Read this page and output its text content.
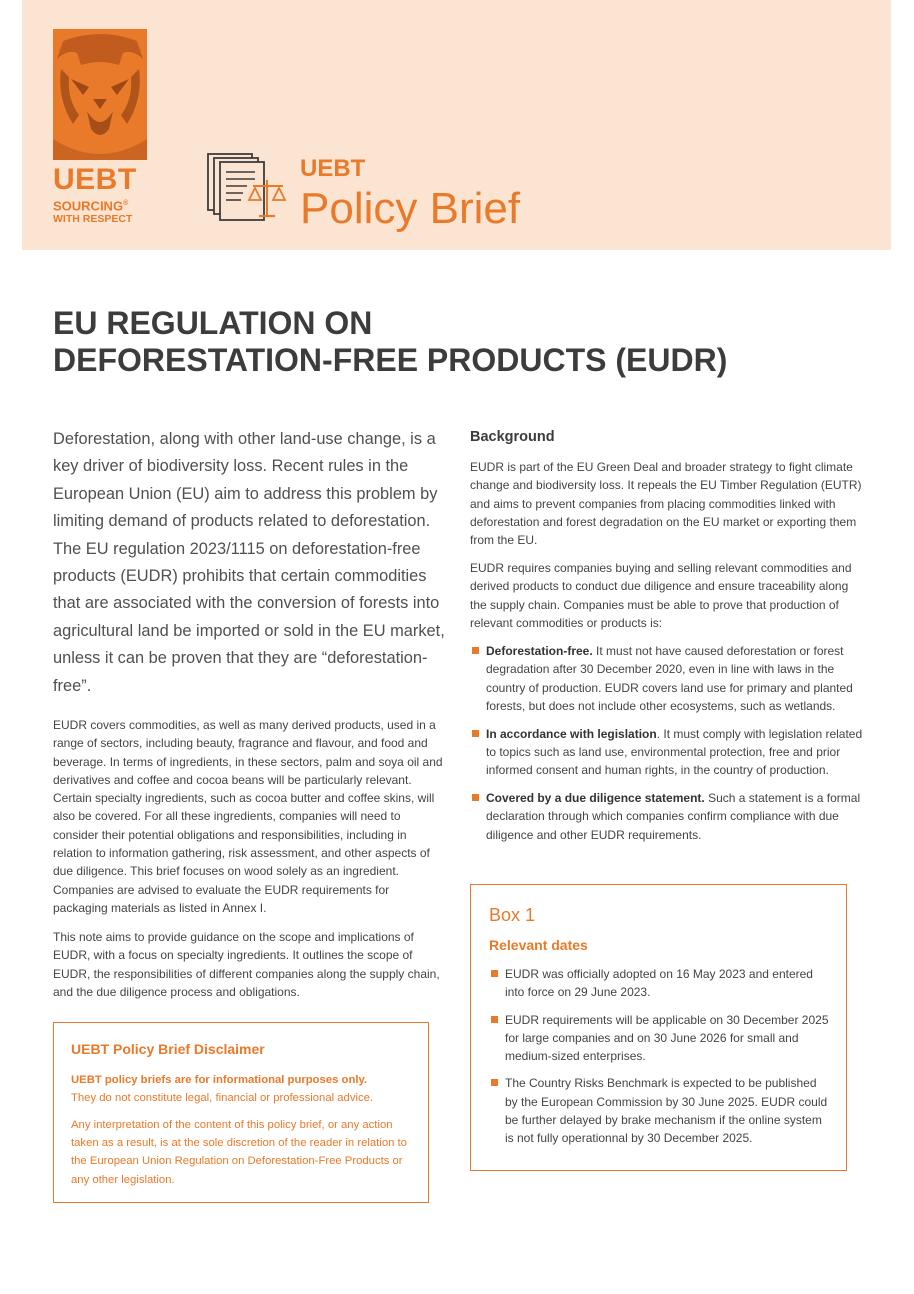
UEBT
SOURCING®
WITH RESPECT
UEBT
Policy Brief
EU REGULATION ON
DEFORESTATION-FREE PRODUCTS (EUDR)

Deforestation, along with other land-use change, is a key driver of biodiversity loss. Recent rules in the European Union (EU) aim to address this problem by limiting demand of products related to deforestation.

The EU regulation 2023/1115 on deforestation-free products (EUDR) prohibits that certain commodities that are associated with the conversion of forests into agricultural land be imported or sold in the EU market, unless it can be proven that they are “deforestation-free”.

EUDR covers commodities, as well as many derived products, used in a range of sectors, including beauty, fragrance and flavour, and food and beverage. In terms of ingredients, in these sectors, palm and soya oil and derivatives and coffee and cocoa beans will be particularly relevant. Certain specialty ingredients, such as cocoa butter and coffee skins, will also be covered. For all these ingredients, companies will need to consider their potential obligations and responsibilities, including in relation to information gathering, risk assessment, and other aspects of due diligence. This brief focuses on wood solely as an ingredient. Companies are advised to evaluate the EUDR requirements for packaging materials as listed in Annex I.

This note aims to provide guidance on the scope and implications of EUDR, with a focus on specialty ingredients. It outlines the scope of EUDR, the responsibilities of different companies along the supply chain, and the due diligence process and obligations.

UEBT Policy Brief Disclaimer
UEBT policy briefs are for informational purposes only.
They do not constitute legal, financial or professional advice.
Any interpretation of the content of this policy brief, or any action taken as a result, is at the sole discretion of the reader in relation to the European Union Regulation on Deforestation-Free Products or any other legislation.
Background

EUDR is part of the EU Green Deal and broader strategy to fight climate change and biodiversity loss. It repeals the EU Timber Regulation (EUTR) and aims to prevent companies from placing commodities linked with deforestation and forest degradation on the EU market or exporting them from the EU.

EUDR requires companies buying and selling relevant commodities and derived products to conduct due diligence and ensure traceability along the supply chain. Companies must be able to prove that production of relevant commodities or products is:

Deforestation-free. It must not have caused deforestation or forest degradation after 30 December 2020, even in line with laws in the country of production. EUDR covers land use for primary and planted forests, but does not include other ecosystems, such as wetlands.
In accordance with legislation. It must comply with legislation related to topics such as land use, environmental protection, free and prior informed consent and human rights, in the country of production.
Covered by a due diligence statement. Such a statement is a formal declaration through which companies confirm compliance with due diligence and other EUDR requirements.
Box 1
Relevant dates
EUDR was officially adopted on 16 May 2023 and entered into force on 29 June 2023.
EUDR requirements will be applicable on 30 December 2025 for large companies and on 30 June 2026 for small and medium-sized enterprises.
The Country Risks Benchmark is expected to be published by the European Commission by 30 June 2025. EUDR could be further delayed by brake mechanism if the online system is not fully operationnal by 30 December 2025.
